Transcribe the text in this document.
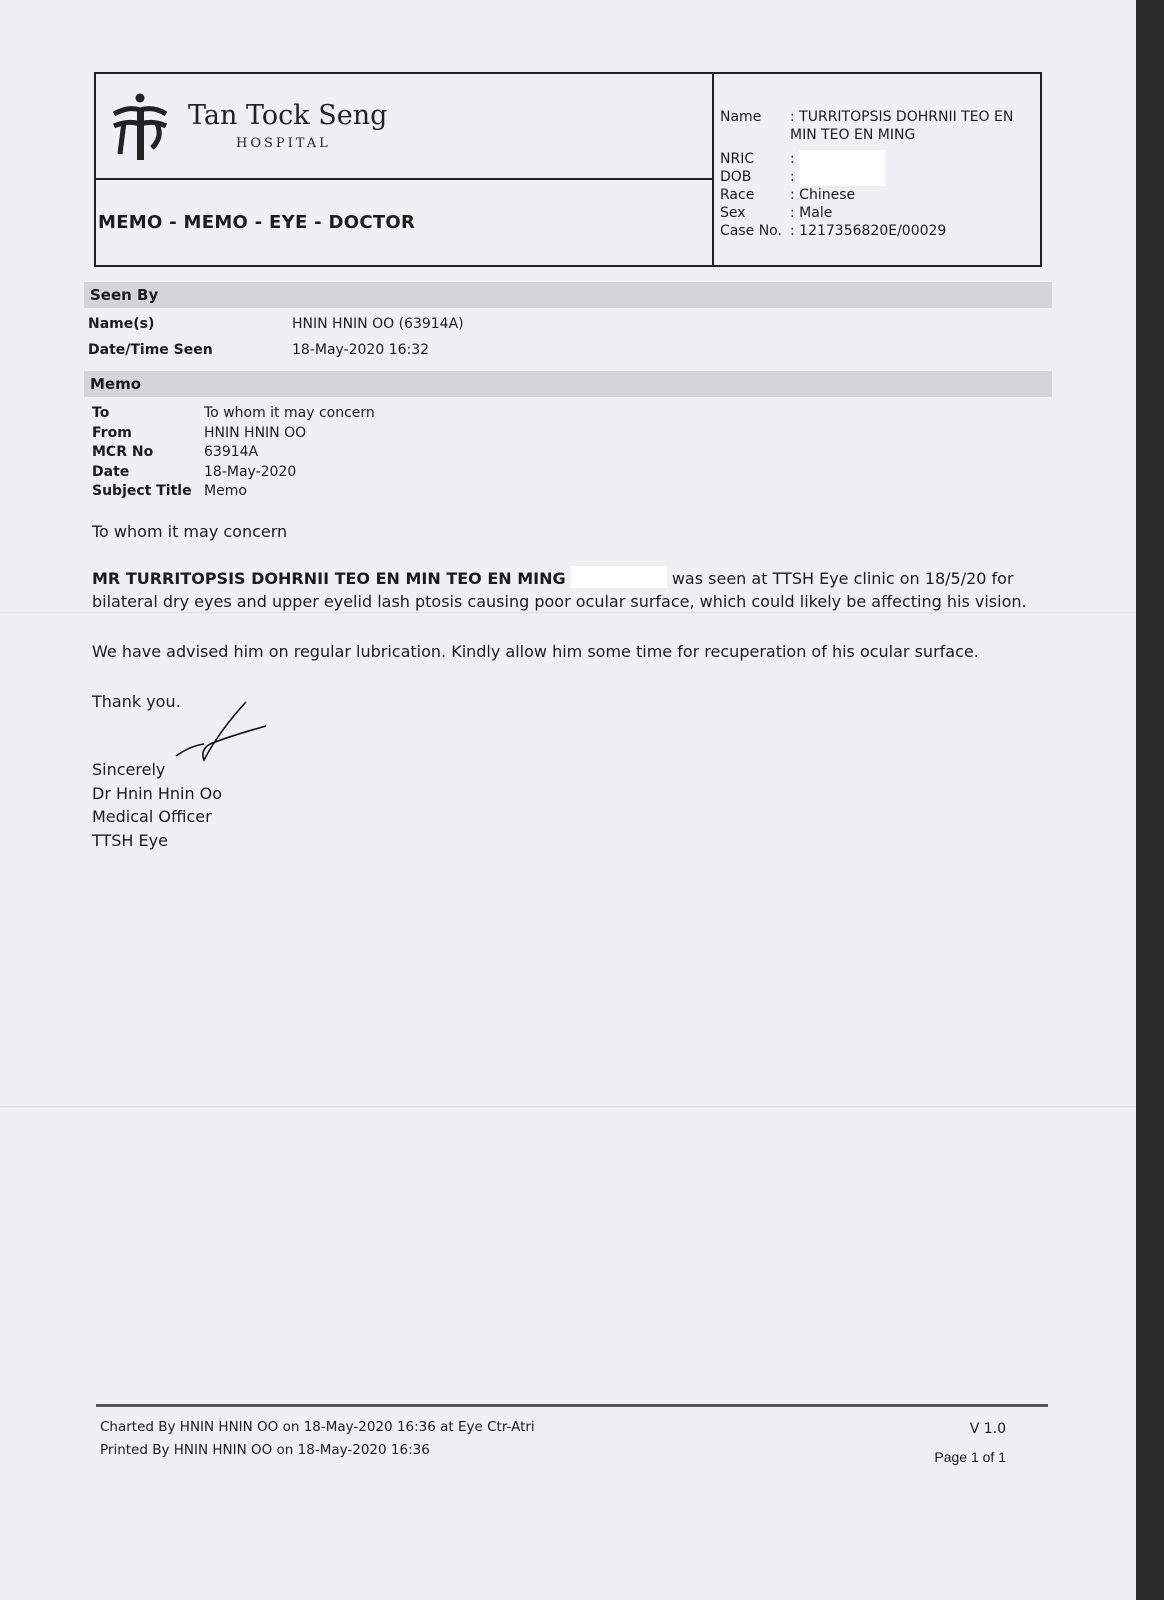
Tan Tock Seng
HOSPITAL
MEMO - MEMO - EYE - DOCTOR
Name	: TURRITOPSIS DOHRNII TEO EN MIN TEO EN MING
NRIC	:
DOB	:
Race	: Chinese
Sex	: Male
Case No. : 1217356820E/00029
Seen By
Name(s)	HNIN HNIN OO (63914A)
Date/Time Seen	18-May-2020 16:32
Memo
To	To whom it may concern
From	HNIN HNIN OO
MCR No	63914A
Date	18-May-2020
Subject Title Memo
To whom it may concern
MR TURRITOPSIS DOHRNII TEO EN MIN TEO EN MING	was seen at TTSH Eye clinic on 18/5/20 for
bilateral dry eyes and upper eyelid lash ptosis causing poor ocular surface, which could likely be affecting his vision.
We have advised him on regular lubrication. Kindly allow him some time for recuperation of his ocular surface.
Thank you.
Sincerely
Dr Hnin Hnin Oo
Medical Officer
TTSH Eye
Charted By HNIN HNIN OO on 18-May-2020 16:36 at Eye Ctr-Atri
Printed By HNIN HNIN OO on 18-May-2020 16:36
V 1.0
Page 1 of 1
